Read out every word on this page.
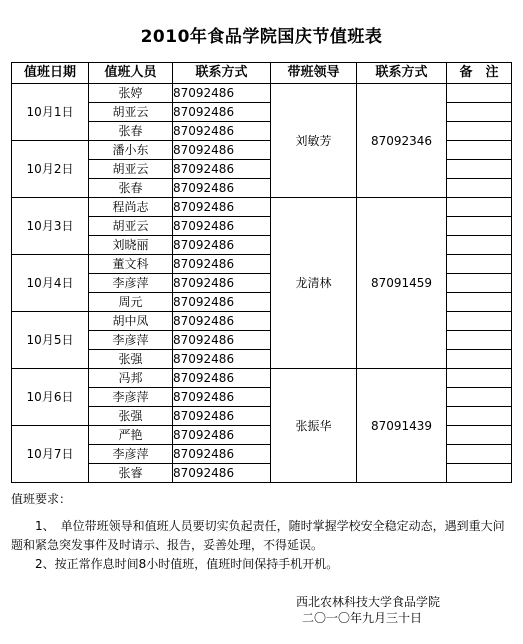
2010年食品学院国庆节值班表
值班日期	值班人员	联系方式	带班领导	联系方式	备　注
10月1日	张婷	87092486	刘敏芳	87092346	
	胡亚云	87092486			
	张春	87092486			
10月2日	潘小东	87092486			
	胡亚云	87092486			
	张春	87092486			
10月3日	程尚志	87092486	龙清林	87091459	
	胡亚云	87092486			
	刘晓丽	87092486			
10月4日	董文科	87092486			
	李彦萍	87092486			
	周元	87092486			
10月5日	胡中凤	87092486			
	李彦萍	87092486			
	张强	87092486			
10月6日	冯邦	87092486	张振华	87091439	
	李彦萍	87092486			
	张强	87092486			
10月7日	严艳	87092486			
	李彦萍	87092486			
	张睿	87092486			
值班要求：
1、　单位带班领导和值班人员要切实负起责任，随时掌握学校安全稳定动态，遇到重大问题和紧急突发事件及时请示、报告，妥善处理，不得延误。
2、按正常作息时间8小时值班，值班时间保持手机开机。
西北农林科技大学食品学院
二〇一〇年九月三十日
